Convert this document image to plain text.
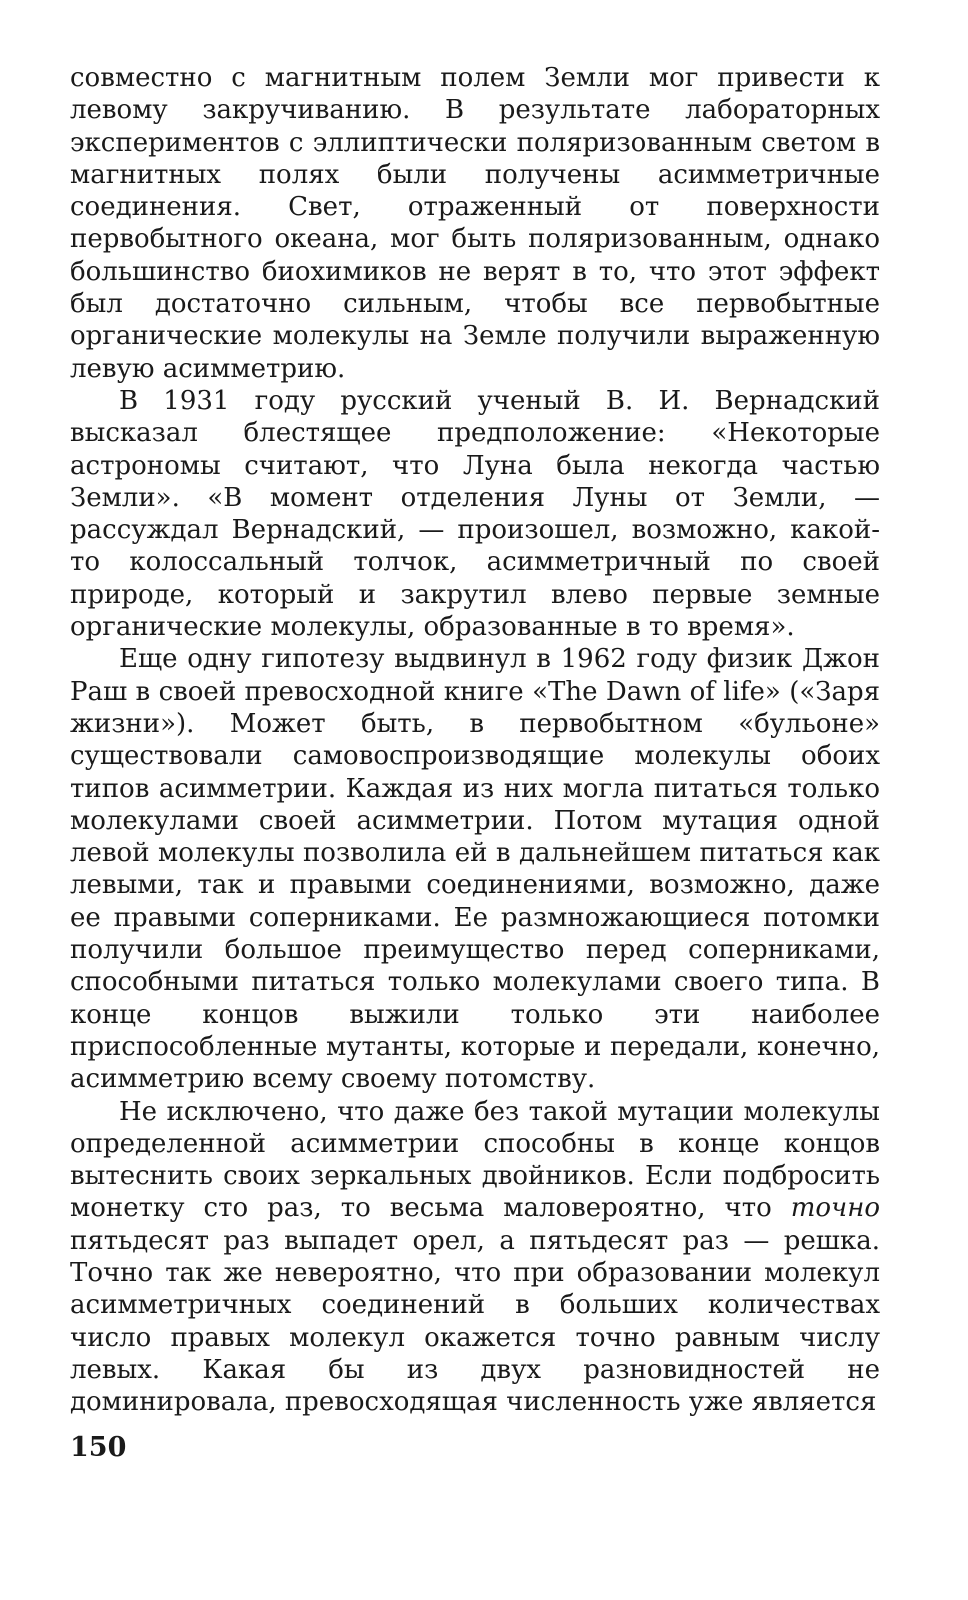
совместно с магнитным полем Земли мог привести к левому закручиванию. В результате лабораторных экспериментов с эллиптически поляризованным светом в магнитных полях были получены асимметричные соединения. Свет, отраженный от поверхности первобытного океана, мог быть поляризованным, однако большинство биохимиков не верят в то, что этот эффект был достаточно сильным, чтобы все первобытные органические молекулы на Земле получили выраженную левую асимметрию.

В 1931 году русский ученый В. И. Вернадский высказал блестящее предположение: «Некоторые астрономы считают, что Луна была некогда частью Земли». «В момент отделения Луны от Земли, — рассуждал Вернадский, — произошел, возможно, какой-то колоссальный толчок, асимметричный по своей природе, который и закрутил влево первые земные органические молекулы, образованные в то время».

Еще одну гипотезу выдвинул в 1962 году физик Джон Раш в своей превосходной книге «The Dawn of life» («Заря жизни»). Может быть, в первобытном «бульоне» существовали самовоспроизводящие молекулы обоих типов асимметрии. Каждая из них могла питаться только молекулами своей асимметрии. Потом мутация одной левой молекулы позволила ей в дальнейшем питаться как левыми, так и правыми соединениями, возможно, даже ее правыми соперниками. Ее размножающиеся потомки получили большое преимущество перед соперниками, способными питаться только молекулами своего типа. В конце концов выжили только эти наиболее приспособленные мутанты, которые и передали, конечно, асимметрию всему своему потомству.

Не исключено, что даже без такой мутации молекулы определенной асимметрии способны в конце концов вытеснить своих зеркальных двойников. Если подбросить монетку сто раз, то весьма маловероятно, что точно пятьдесят раз выпадет орел, а пятьдесят раз — решка. Точно так же невероятно, что при образовании молекул асимметричных соединений в больших количествах число правых молекул окажется точно равным числу левых. Какая бы из двух разновидностей не доминировала, превосходящая численность уже является

150
